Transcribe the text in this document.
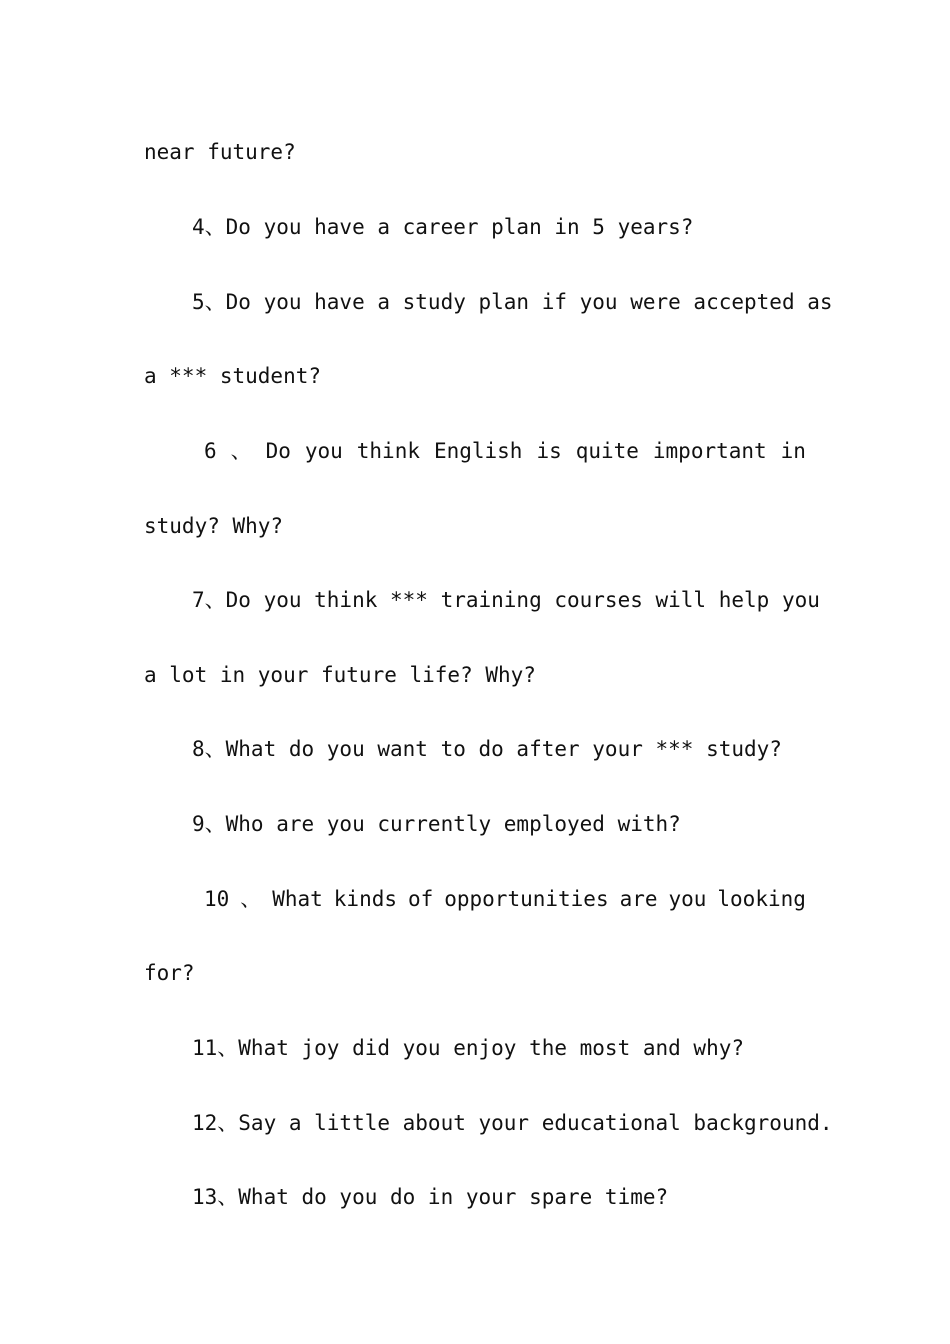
near future?
4、Do you have a career plan in 5 years?
5、Do you have a study plan if you were accepted as
a *** student?
6 、 Do you think English is quite important in
study? Why?
7、Do you think *** training courses will help you
a lot in your future life? Why?
8、What do you want to do after your *** study?
9、Who are you currently employed with?
10 、 What kinds of opportunities are you looking
for?
11、What joy did you enjoy the most and why?
12、Say a little about your educational background.
13、What do you do in your spare time?
